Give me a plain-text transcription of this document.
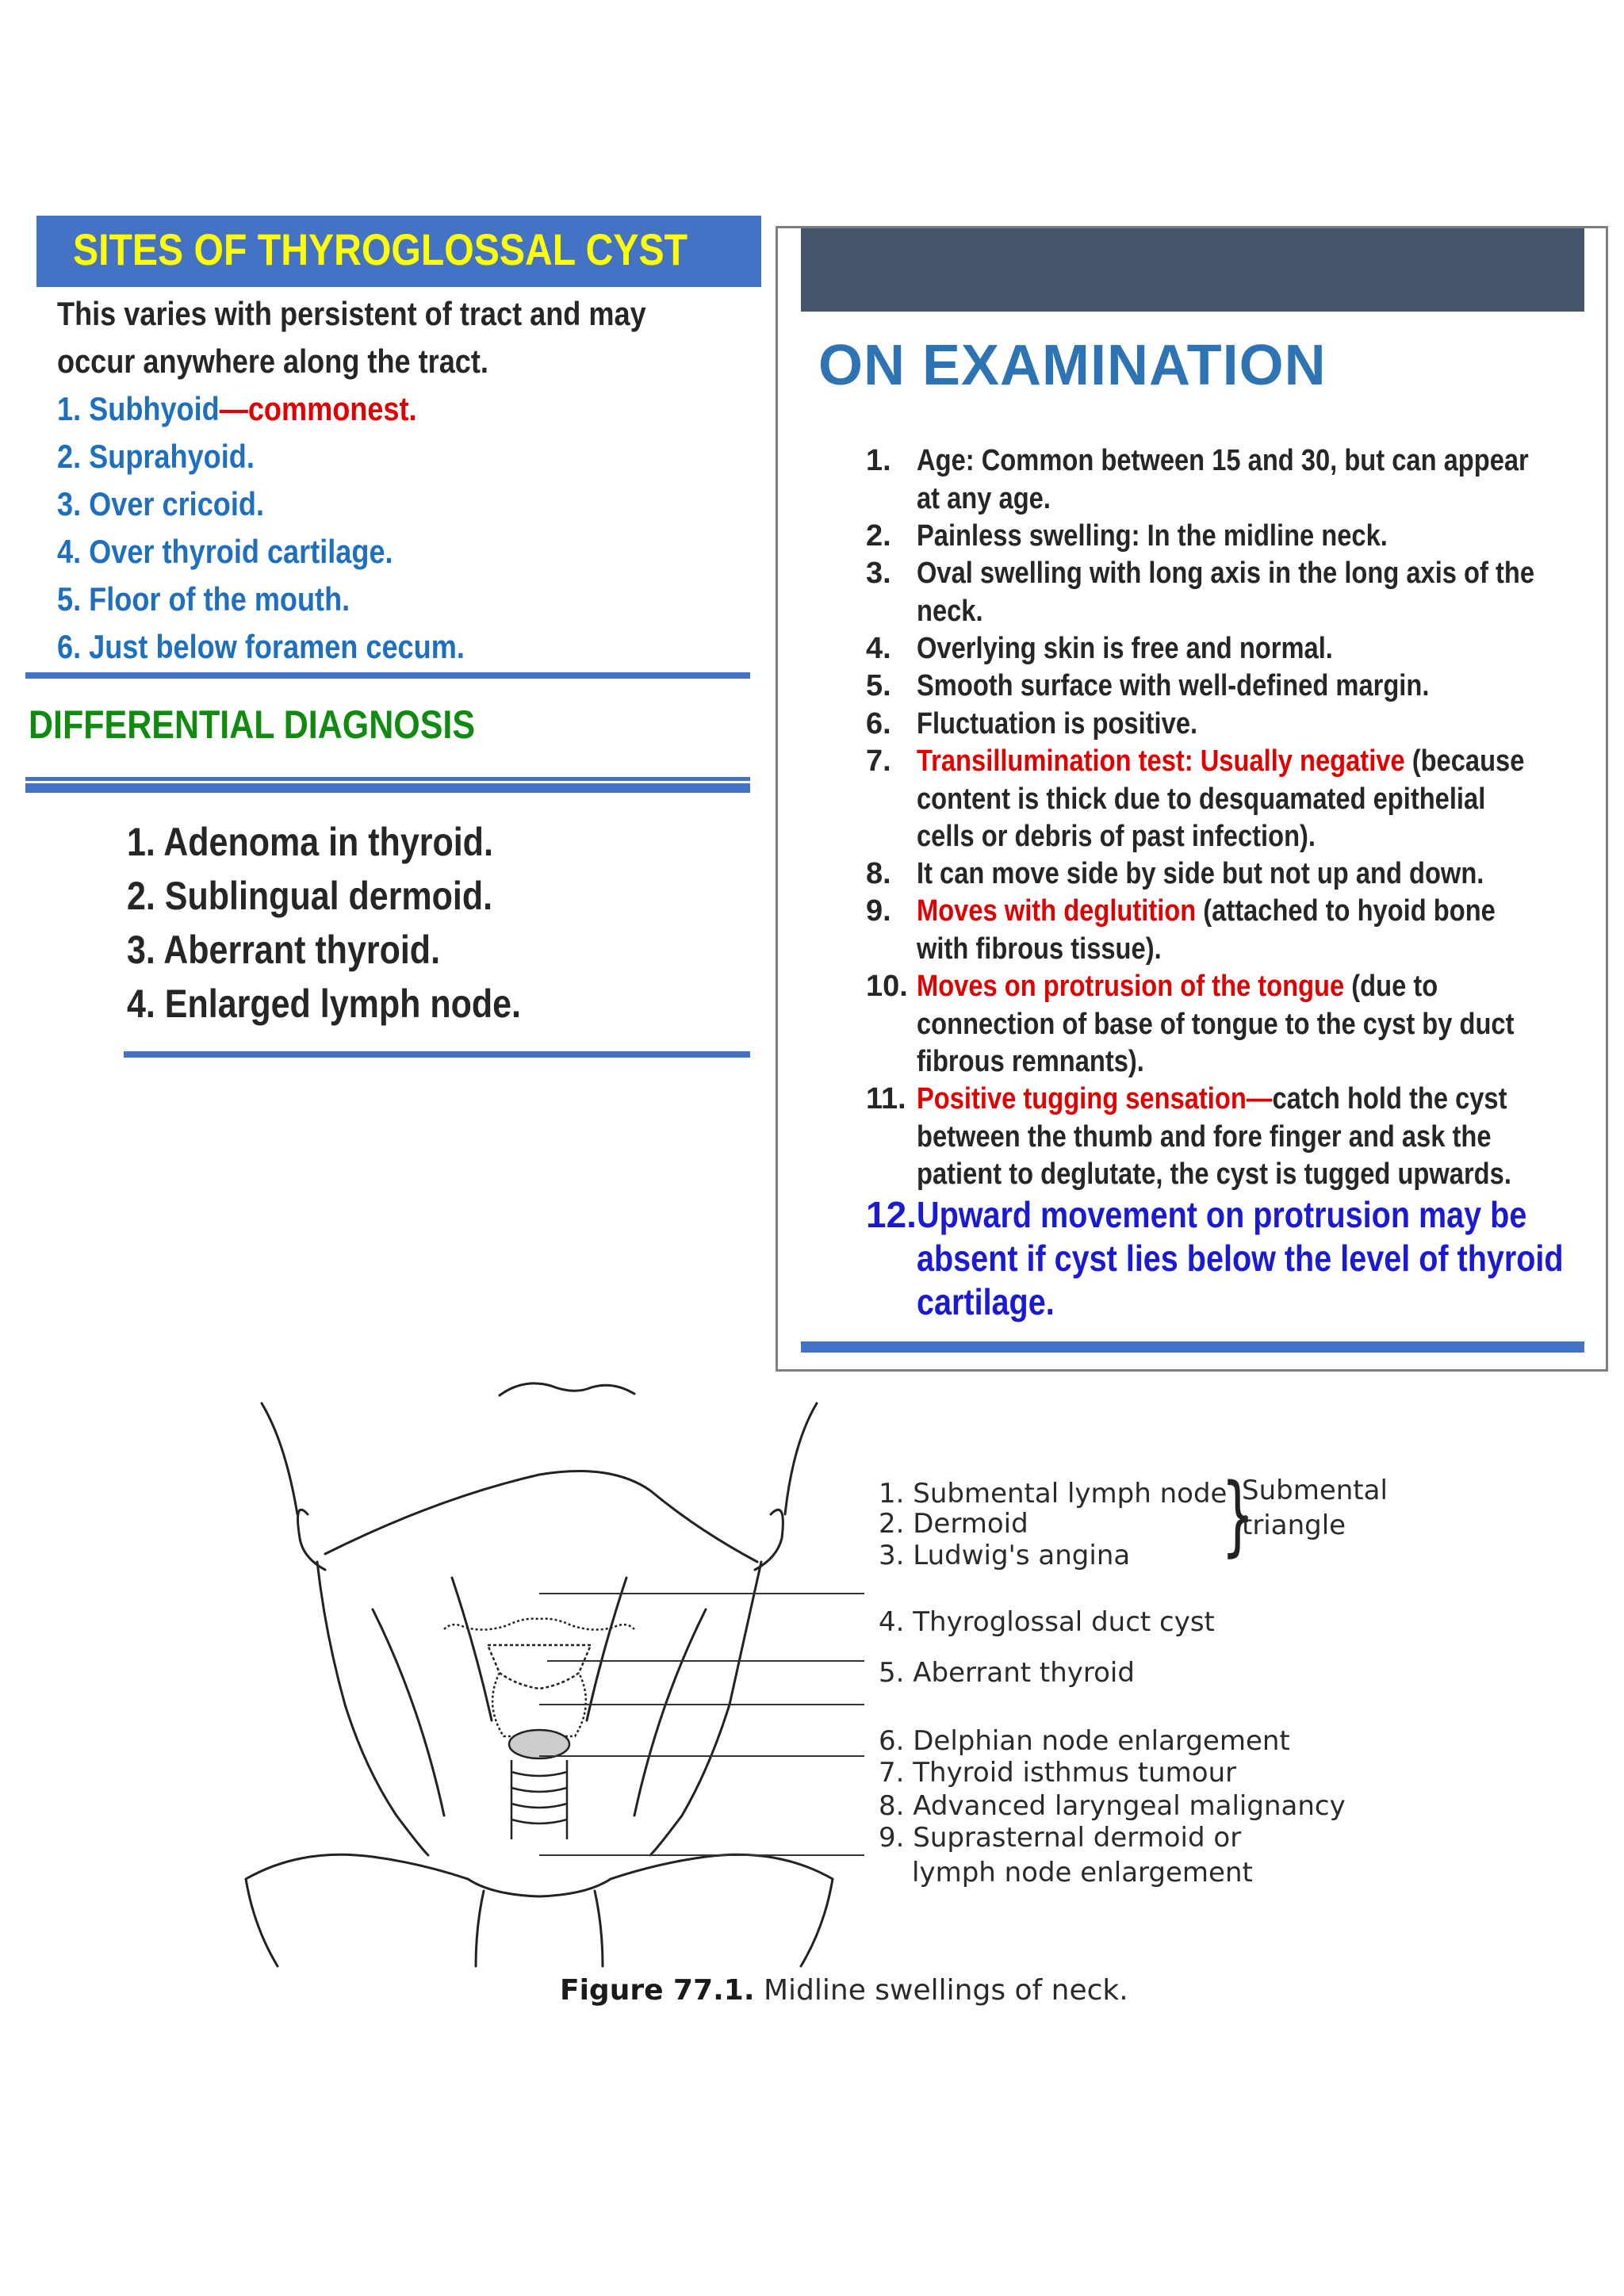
SITES OF THYROGLOSSAL CYST
This varies with persistent of tract and may
occur anywhere along the tract.
1. Subhyoid—commonest.
2. Suprahyoid.
3. Over cricoid.
4. Over thyroid cartilage.
5. Floor of the mouth.
6. Just below foramen cecum.
DIFFERENTIAL DIAGNOSIS
1. Adenoma in thyroid.
2. Sublingual dermoid.
3. Aberrant thyroid.
4. Enlarged lymph node.
ON EXAMINATION
1. Age: Common between 15 and 30, but can appear
at any age.
2. Painless swelling: In the midline neck.
3. Oval swelling with long axis in the long axis of the
neck.
4. Overlying skin is free and normal.
5. Smooth surface with well-defined margin.
6. Fluctuation is positive.
7. Transillumination test: Usually negative (because
content is thick due to desquamated epithelial
cells or debris of past infection).
8. It can move side by side but not up and down.
9. Moves with deglutition (attached to hyoid bone
with fibrous tissue).
10. Moves on protrusion of the tongue (due to
connection of base of tongue to the cyst by duct
fibrous remnants).
11. Positive tugging sensation—catch hold the cyst
between the thumb and fore finger and ask the
patient to deglutate, the cyst is tugged upwards.
12. Upward movement on protrusion may be
absent if cyst lies below the level of thyroid
cartilage.
1. Submental lymph node
2. Dermoid
3. Ludwig's angina }
Submental
triangle
4. Thyroglossal duct cyst
5. Aberrant thyroid
6. Delphian node enlargement
7. Thyroid isthmus tumour
8. Advanced laryngeal malignancy
9. Suprasternal dermoid or
lymph node enlargement
Figure 77.1. Midline swellings of neck.
